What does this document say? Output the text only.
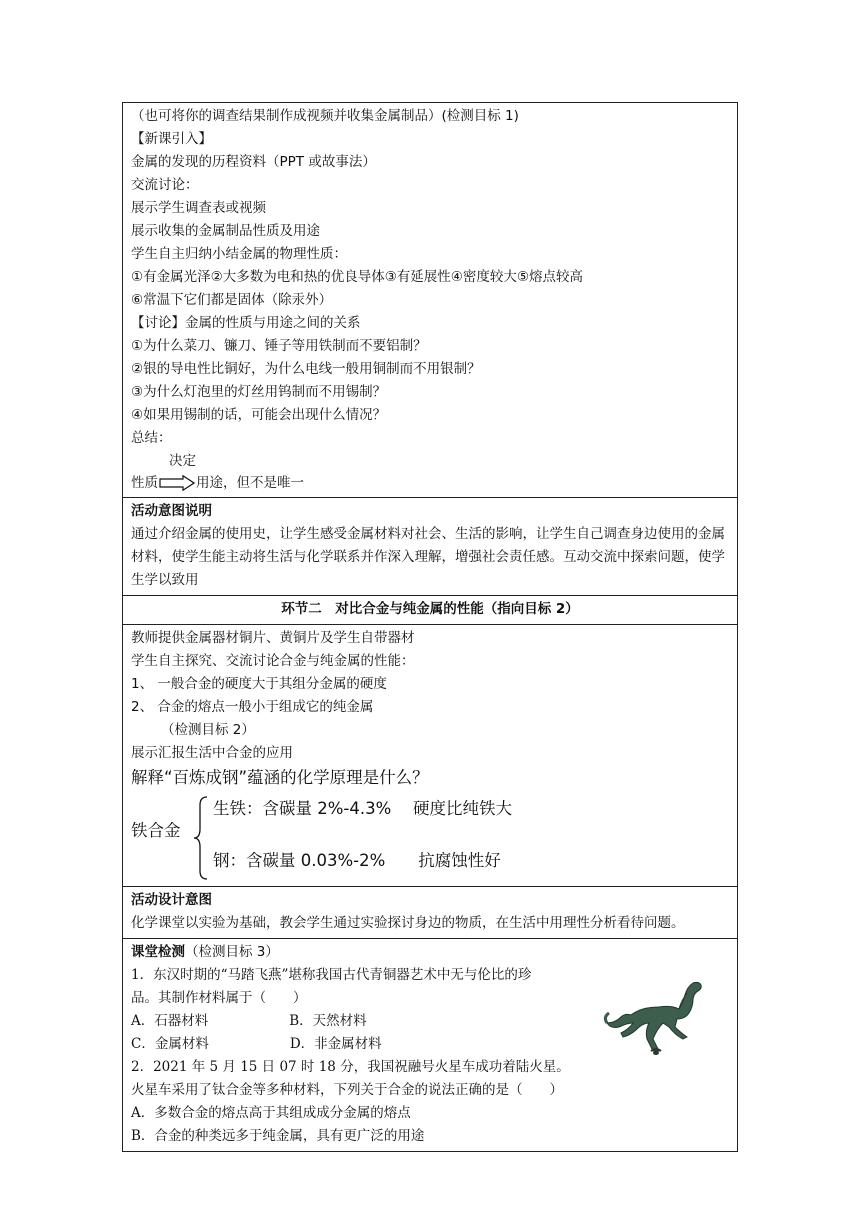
（也可将你的调查结果制作成视频并收集金属制品）(检测目标 1)
【新课引入】
金属的发现的历程资料（PPT 或故事法）
交流讨论：
展示学生调查表或视频
展示收集的金属制品性质及用途
学生自主归纳小结金属的物理性质：
①有金属光泽②大多数为电和热的优良导体③有延展性④密度较大⑤熔点较高
⑥常温下它们都是固体（除汞外）
【讨论】金属的性质与用途之间的关系
①为什么菜刀、镰刀、锤子等用铁制而不要铝制？
②银的导电性比铜好，为什么电线一般用铜制而不用银制？
③为什么灯泡里的灯丝用钨制而不用锡制？
④如果用锡制的话，可能会出现什么情况？
总结：
决定
性质	用途，但不是唯一
活动意图说明
通过介绍金属的使用史，让学生感受金属材料对社会、生活的影响，让学生自己调查身边使用的金属材料，使学生能主动将生活与化学联系并作深入理解，增强社会责任感。互动交流中探索问题，使学生学以致用
环节二　对比合金与纯金属的性能（指向目标 2）
教师提供金属器材铜片、黄铜片及学生自带器材
学生自主探究、交流讨论合金与纯金属的性能：
1、 一般合金的硬度大于其组分金属的硬度
2、 合金的熔点一般小于组成它的纯金属
（检测目标 2）
展示汇报生活中合金的应用
解释“百炼成钢”蕴涵的化学原理是什么？
铁合金
生铁：含碳量 2%-4.3%　 硬度比纯铁大
钢：含碳量 0.03%-2%　　抗腐蚀性好
活动设计意图
化学课堂以实验为基础，教会学生通过实验探讨身边的物质，在生活中用理性分析看待问题。
课堂检测（检测目标 3）
1．东汉时期的“马踏飞燕”堪称我国古代青铜器艺术中无与伦比的珍
品。其制作材料属于（　　）
A．石器材料　　　　　　B．天然材料
C．金属材料　　　　　　D．非金属材料
2．2021 年 5 月 15 日 07 时 18 分，我国祝融号火星车成功着陆火星。
火星车采用了钛合金等多种材料，下列关于合金的说法正确的是（　　）
A．多数合金的熔点高于其组成成分金属的熔点
B．合金的种类远多于纯金属，具有更广泛的用途
